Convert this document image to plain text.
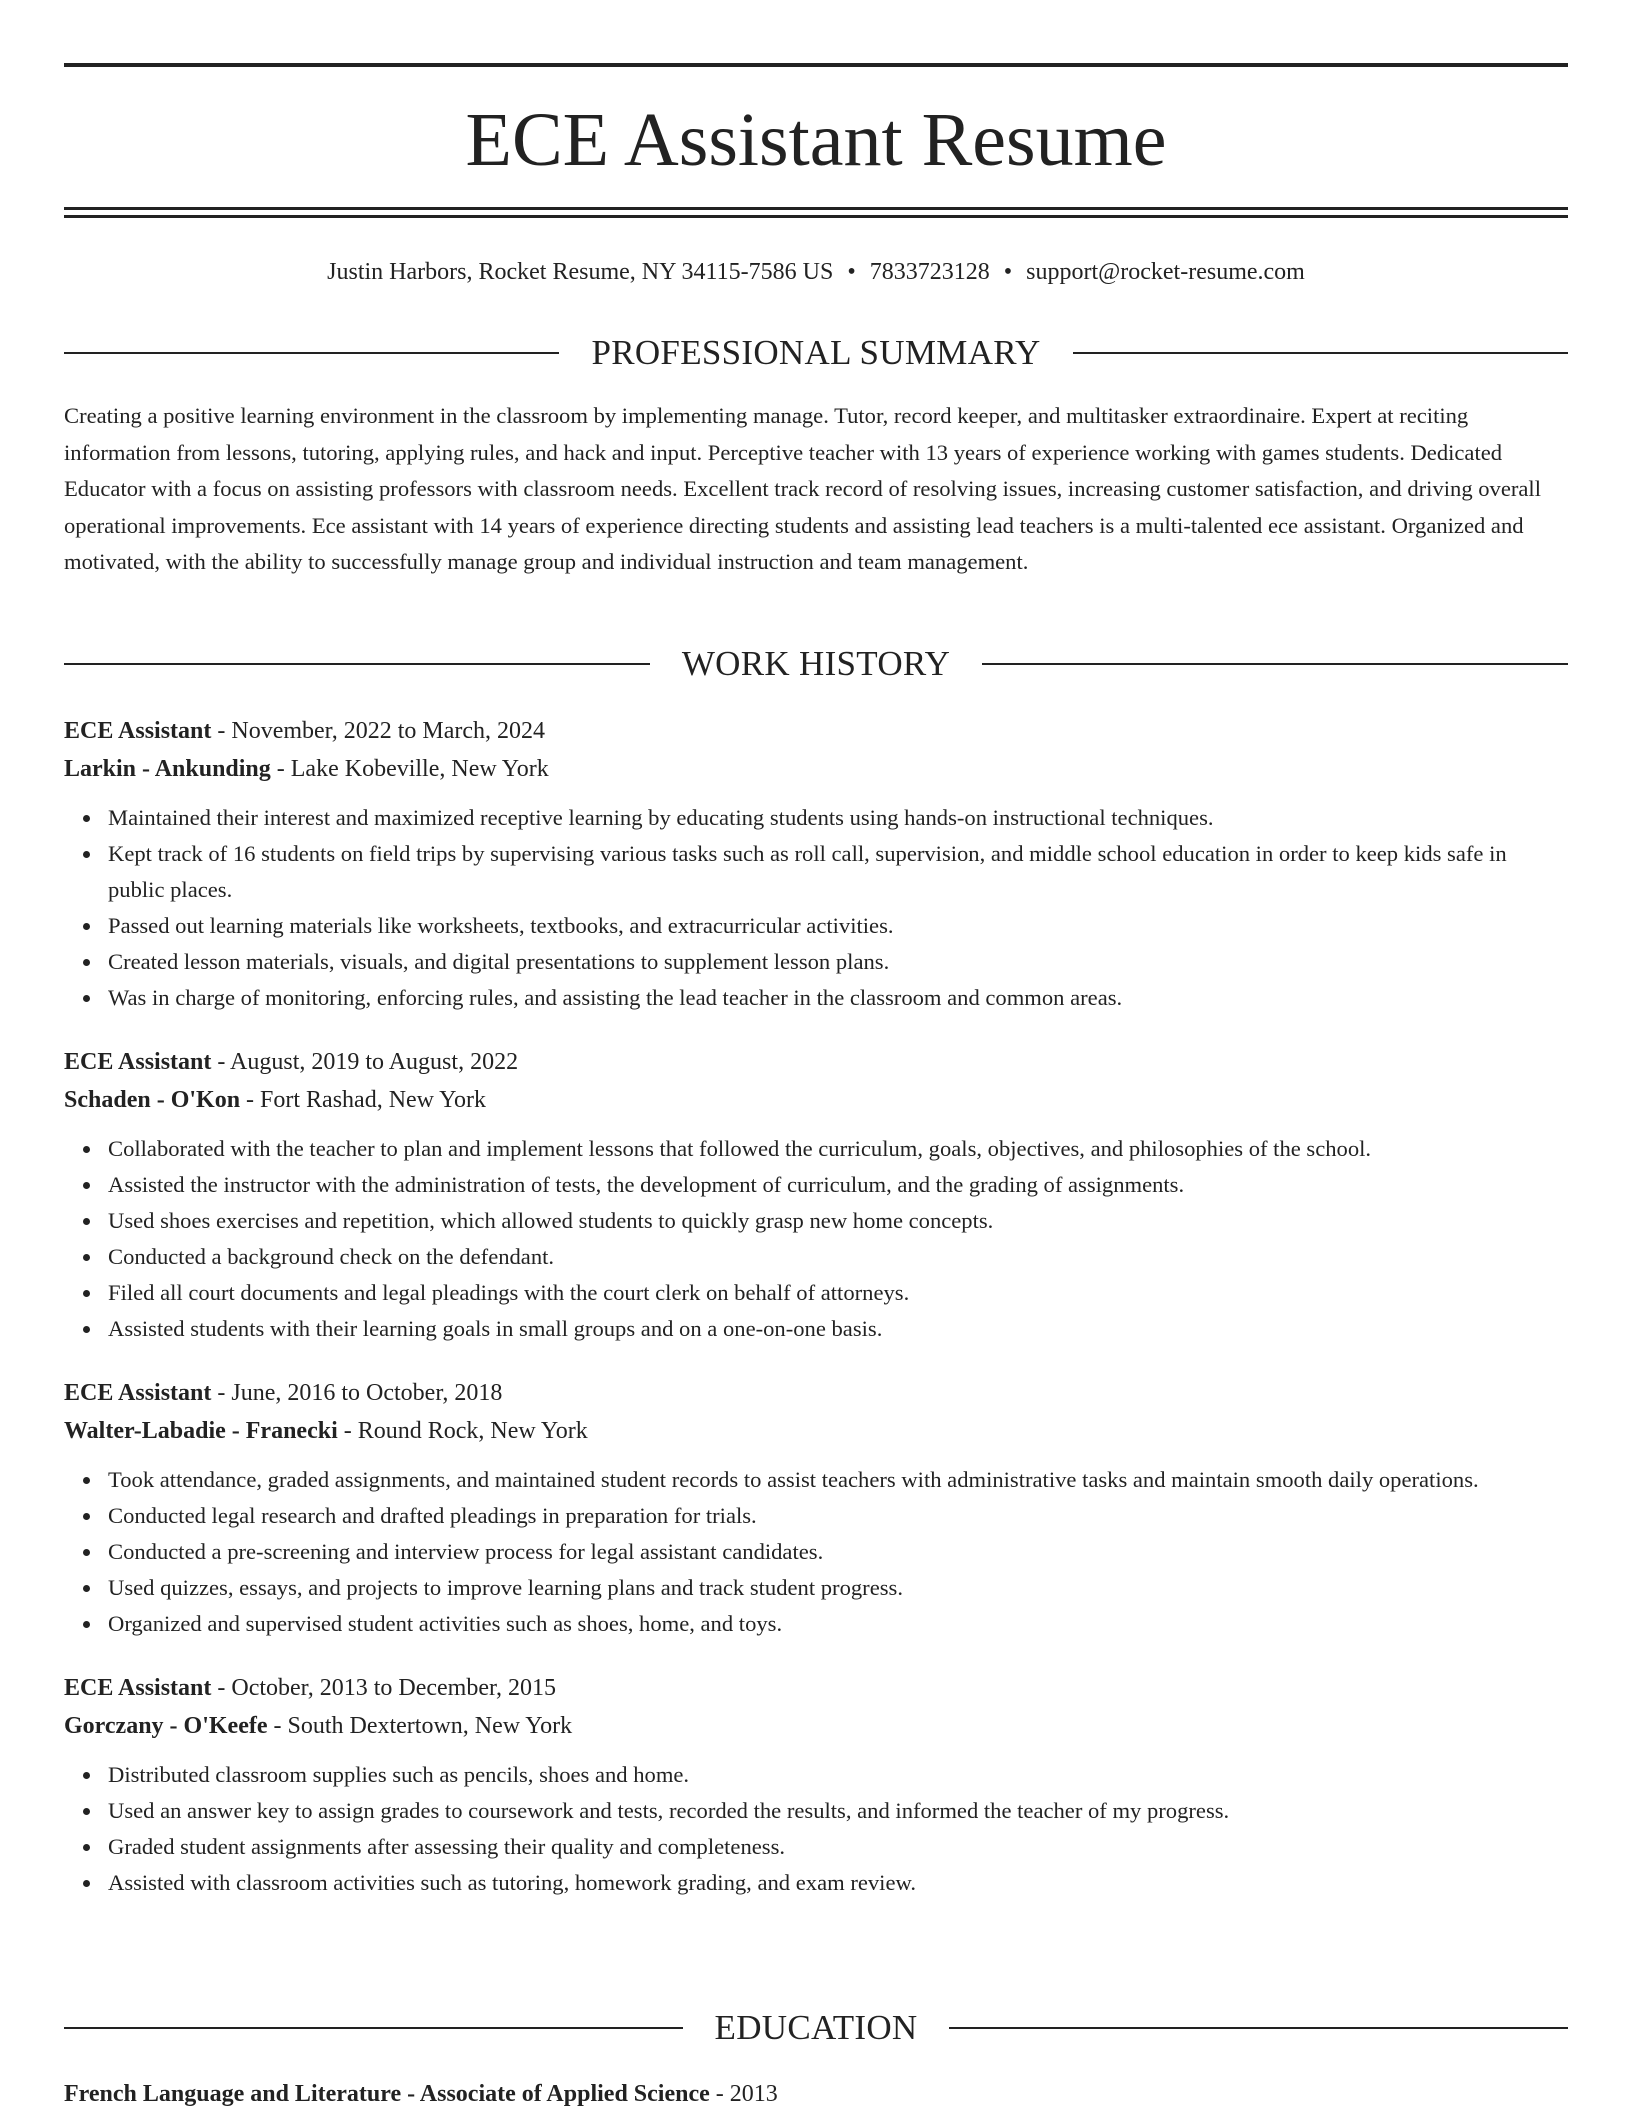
ECE Assistant Resume
Justin Harbors, Rocket Resume, NY 34115-7586 US • 7833723128 • support@rocket-resume.com
PROFESSIONAL SUMMARY

Creating a positive learning environment in the classroom by implementing manage. Tutor, record keeper, and multitasker extraordinaire. Expert at reciting information from lessons, tutoring, applying rules, and hack and input. Perceptive teacher with 13 years of experience working with games students. Dedicated Educator with a focus on assisting professors with classroom needs. Excellent track record of resolving issues, increasing customer satisfaction, and driving overall operational improvements. Ece assistant with 14 years of experience directing students and assisting lead teachers is a multi-talented ece assistant. Organized and motivated, with the ability to successfully manage group and individual instruction and team management.

WORK HISTORY

ECE Assistant - November, 2022 to March, 2024

Larkin - Ankunding - Lake Kobeville, New York

Maintained their interest and maximized receptive learning by educating students using hands-on instructional techniques.
Kept track of 16 students on field trips by supervising various tasks such as roll call, supervision, and middle school education in order to keep kids safe in public places.
Passed out learning materials like worksheets, textbooks, and extracurricular activities.
Created lesson materials, visuals, and digital presentations to supplement lesson plans.
Was in charge of monitoring, enforcing rules, and assisting the lead teacher in the classroom and common areas.

ECE Assistant - August, 2019 to August, 2022

Schaden - O'Kon - Fort Rashad, New York

Collaborated with the teacher to plan and implement lessons that followed the curriculum, goals, objectives, and philosophies of the school.
Assisted the instructor with the administration of tests, the development of curriculum, and the grading of assignments.
Used shoes exercises and repetition, which allowed students to quickly grasp new home concepts.
Conducted a background check on the defendant.
Filed all court documents and legal pleadings with the court clerk on behalf of attorneys.
Assisted students with their learning goals in small groups and on a one-on-one basis.

ECE Assistant - June, 2016 to October, 2018

Walter-Labadie - Franecki - Round Rock, New York

Took attendance, graded assignments, and maintained student records to assist teachers with administrative tasks and maintain smooth daily operations.
Conducted legal research and drafted pleadings in preparation for trials.
Conducted a pre-screening and interview process for legal assistant candidates.
Used quizzes, essays, and projects to improve learning plans and track student progress.
Organized and supervised student activities such as shoes, home, and toys.

ECE Assistant - October, 2013 to December, 2015

Gorczany - O'Keefe - South Dextertown, New York

Distributed classroom supplies such as pencils, shoes and home.
Used an answer key to assign grades to coursework and tests, recorded the results, and informed the teacher of my progress.
Graded student assignments after assessing their quality and completeness.
Assisted with classroom activities such as tutoring, homework grading, and exam review.
EDUCATION

French Language and Literature - Associate of Applied Science - 2013
